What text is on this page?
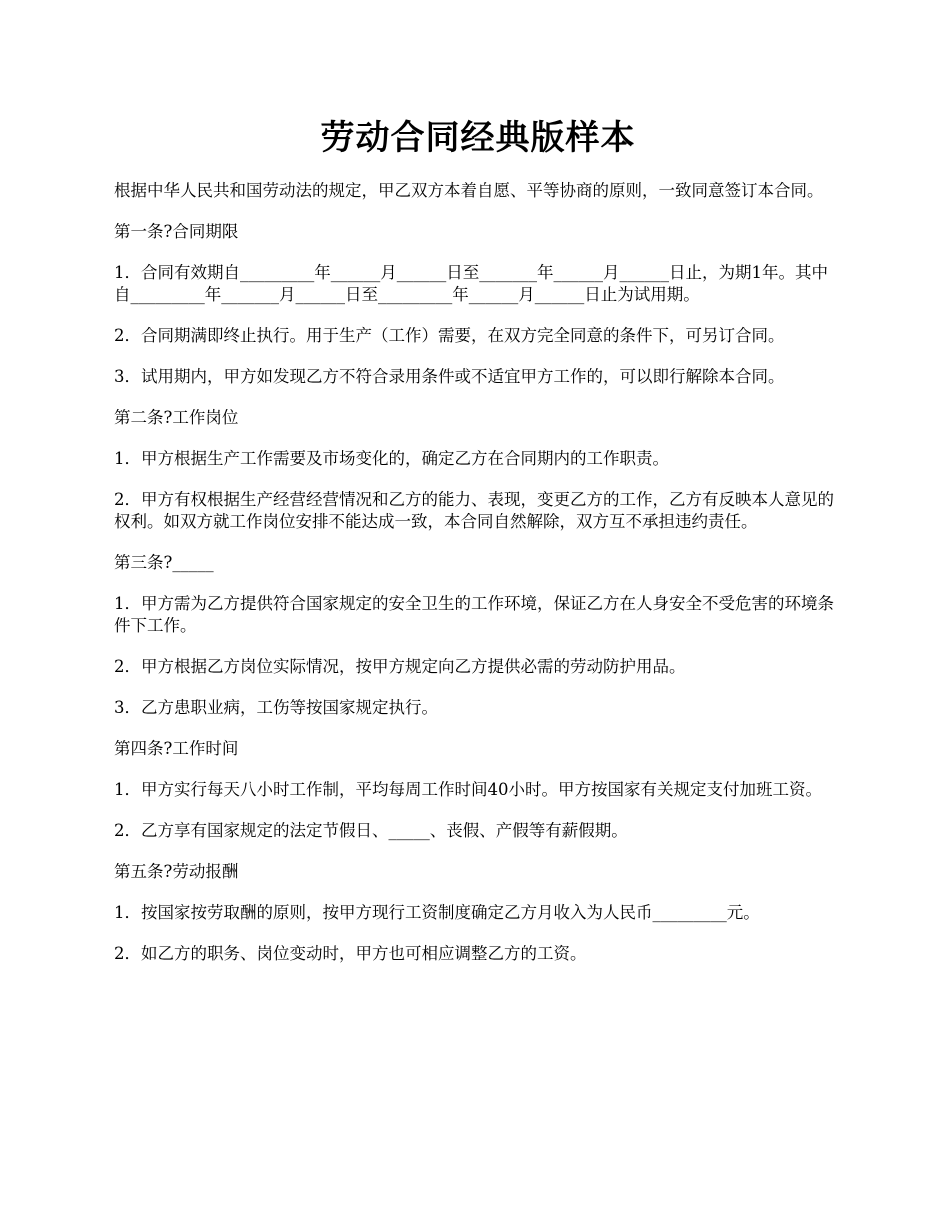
劳动合同经典版样本

根据中华人民共和国劳动法的规定，甲乙双方本着自愿、平等协商的原则，一致同意签订本合同。

第一条?合同期限

1．合同有效期自_________年______月______日至_______年______月______日止，为期1年。其中自_________年_______月______日至_________年______月______日止为试用期。

2．合同期满即终止执行。用于生产（工作）需要，在双方完全同意的条件下，可另订合同。

3．试用期内，甲方如发现乙方不符合录用条件或不适宜甲方工作的，可以即行解除本合同。

第二条?工作岗位

1．甲方根据生产工作需要及市场变化的，确定乙方在合同期内的工作职责。

2．甲方有权根据生产经营经营情况和乙方的能力、表现，变更乙方的工作，乙方有反映本人意见的权利。如双方就工作岗位安排不能达成一致，本合同自然解除，双方互不承担违约责任。

第三条?_____

1．甲方需为乙方提供符合国家规定的安全卫生的工作环境，保证乙方在人身安全不受危害的环境条件下工作。

2．甲方根据乙方岗位实际情况，按甲方规定向乙方提供必需的劳动防护用品。

3．乙方患职业病，工伤等按国家规定执行。

第四条?工作时间

1．甲方实行每天八小时工作制，平均每周工作时间40小时。甲方按国家有关规定支付加班工资。

2．乙方享有国家规定的法定节假日、_____、丧假、产假等有薪假期。

第五条?劳动报酬

1．按国家按劳取酬的原则，按甲方现行工资制度确定乙方月收入为人民币_________元。

2．如乙方的职务、岗位变动时，甲方也可相应调整乙方的工资。
